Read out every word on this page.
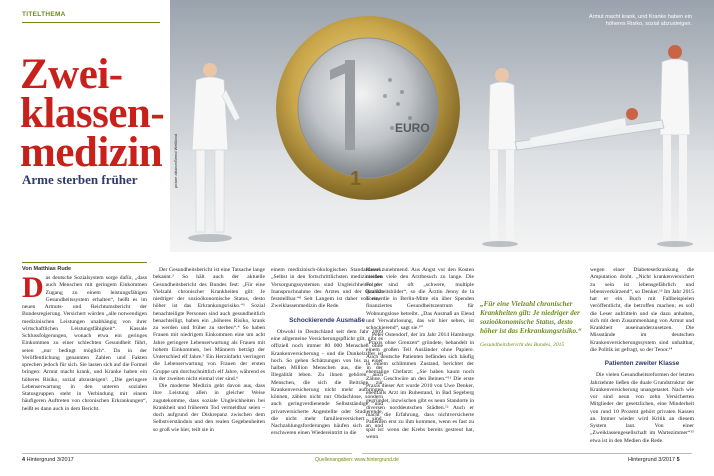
TITELTHEMA
Zwei-
klassen-
medizin
Arme sterben früher	1
EURO
Armut macht krank, und Kranke haben ein höheres Risiko, sozial abzusteigen.
picture alliance/Bernd Weißbrod
Von Matthias Rude
D as deutsche Sozialsystem sorge dafür, „dass auch Menschen mit geringem Einkommen Zugang zu einem leistungsfähigen Gesundheitssystem erhalten“, heißt es im neuen Armuts- und Reichtumsbericht der Bundesregierung. Versichert würden „alle notwendigen medizinischen Leistungen unabhängig von ihrer wirtschaftlichen Leistungsfähigkeit“. Kassale Schlussfolgerungen, wonach etwa ein geringes Einkommen zu einer schlechten Gesundheit führt, seien „nur bedingt möglich“. Da in der Veröffentlichung genannten Zahlen und Fakten sprechen jedoch für sich. Sie lassen sich auf die Formel bringen: Armut macht krank, und Kranke haben ein höheres Risiko, sozial abzusteigen¹. „Die geringere Lebenserwartung in den unteren sozialen Statusgruppen steht in Verbindung mit einem häufigeren Auftreten von chronischen Erkrankungen“, heißt es dann auch in dem Bericht.

Der Gesundheitsbericht ist eine Tatsache lange bekannt.² So hält auch der aktuelle Gesundheitsbericht des Bundes fest: „Für eine Vielzahl chronischer Krankheiten gilt: Je niedriger der sozioökonomische Status, desto höher ist das Erkrankungsrisiko.“³ Sozial benachteiligte Personen sind auch gesundheitlich benachteiligt, haben ein „höheres Risiko, krank zu werden und früher zu sterben“.⁴ So haben Frauen mit niedrigem Einkommen eine um acht Jahre geringere Lebenserwartung als Frauen mit hohem Einkommen, bei Männern beträgt der Unterschied elf Jahre.⁵ Ein Herzinfarkt verringert die Lebenserwartung von Frauen der ersten Gruppe um durchschnittlich elf Jahre, während es in der zweiten nicht einmal vier sind.⁶

Die moderne Medizin geht davon aus, dass ihre Leistung allen in gleicher Weise zugutekomme, dass soziale Ungleichheiten bei Krankheit und früherem Tod vermeidbar seien – doch aufgrund der Diskrepanz zwischen dem Selbstverständnis und den realen Gegebenheiten so groß wie hier, teilt sie in

einem medizinisch-ökologischen Standardwerk: „Selbst in den fortschrittlichsten medizinischen Versorgungssystemen sind Ungleichheiten der Inanspruchnahme des Arztes und der Qualität feststellbar.“⁸ Seit Langem ist daher von einer Zweiklassenmedizin die Rede.

Schockierende Ausmaße

Obwohl in Deutschland seit dem Jahr 2009 eine allgemeine Versicherungspflicht gilt, gibt es offiziell noch immer 80 000 Menschen ohne Krankenversicherung – und die Dunkelziffer ist hoch. So gehen Schätzungen von bis zu einer halben Million Menschen aus, die in der Illegalität leben. Zu ihnen gehören auch Menschen, die sich die Beiträge zur Krankenversicherung nicht mehr aufbringen können, zählen nicht nur Obdachlose, sondern auch geringverdienende Selbstständige und privatversicherte Angestellte oder Studierende, die nicht mehr familienversichert sind. Nachzahlungsforderungen häufen sich an und erschweren einen Wiedereintritt in die

Kasse zunehmend. Aus Angst vor den Kosten meiden viele den Arztbesuch zu lange. Die Folge sind oft „schwere, multiple Krankheitsbilder“, so die Ärztin Jenny de la Torre, die in Berlin-Mitte ein über Spenden finanziertes Gesundheitszentrum für Wohnungslose betreibt. „Das Ausmaß an Elend und Verwahrlosung, das wir hier sehen, ist schockierend“, sagt sie.¹⁰

Peter Ostendorf, der im Jahr 2014 Hamburgs „Praxis ohne Grenzen“ gründete, behandelt in einem großen Teil Ausländer ohne Papiere. Auch deutsche Patienten befänden sich häufig in einem schlimmen Zustand, berichtet der ehemalige Chefarzt: „Sie haben kaum noch Zähne, Geschwüre an den Beinen.“¹¹ Die erste Praxis dieser Art wurde 2010 von Uwe Denker, ebenfalls Arzt im Ruhestand, in Bad Segeberg gegründet, inzwischen gibt es neun Standorte in diversen norddeutschen Städten.¹² Auch er macht die Erfahrung, dass nichtversicherte Patienten erst zu ihm kommen, wenn es fast zu spät ist: wenn der Krebs bereits gestreut hat, wenn

„Für eine Vielzahl chronischer Krankheiten gilt: Je niedriger der sozioökonomische Status, desto höher ist das Erkrankungsrisiko.“
Gesundheitsbericht des Bundes, 2015

wegen einer Diabeteserkrankung die Amputation droht. „Nicht krankenversichert zu sein ist lebensgefährlich und lebensverkürzend“, so Denker.¹³ Im Jahr 2015 hat er ein Buch mit Fallbeispielen veröffentlicht, die betroffen machen; es soll die Leser aufrütteln und sie dazu anhalten, sich mit dem Zusammenhang von Armut und Krankheit auseinanderzusetzen. Die Missstände im deutschen Krankenversicherungssystem sind unhaltbar, die Politik ist gefragt, so der Tenor.¹⁴

Patienten zweiter Klasse

Die vielen Gesundheitsreformen der letzten Jahrzehnte ließen die duale Grundstruktur der Krankenversicherung unangetastet. Nach wie vor sind neun von zehn Versicherten Mitglieder der gesetzlichen, eine Minderheit von rund 10 Prozent gehört privaten Kassen an. Immer wieder wird Kritik an diesem System laut. Von einer „Zweiklassengesellschaft im Wartezimmer“¹⁵ etwa ist in den Medien die Rede.

4 Hintergrund 3/2017	Quellenangaben: www.hintergrund.de	Hintergrund 3/2017 5
